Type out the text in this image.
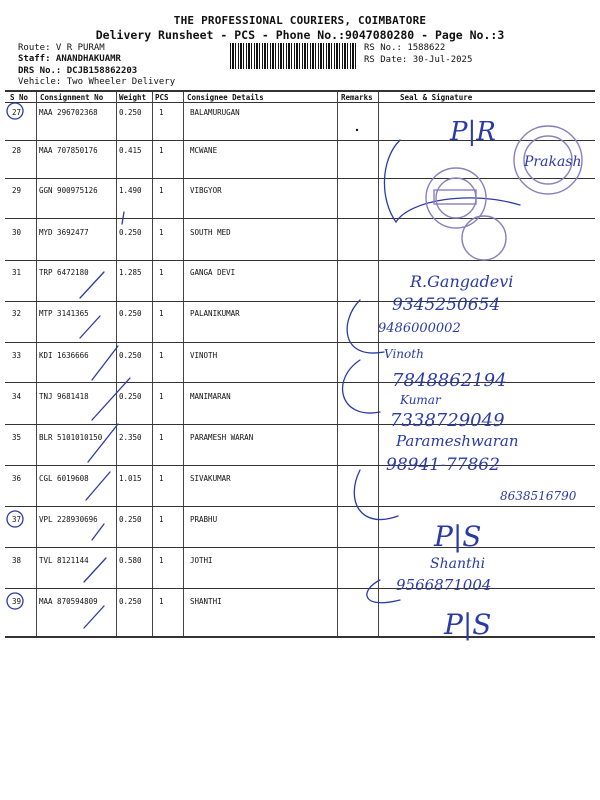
THE PROFESSIONAL COURIERS, COIMBATORE
Delivery Runsheet - PCS - Phone No.:9047080280 - Page No.:3
Route: V R PURAM
Staff: ANANDHAKUAMR
DRS No.: DCJB158862203
Vehicle: Two Wheeler Delivery
RS No.: 1588622
RS Date: 30-Jul-2025
S No Consignment No Weight PCS Consignee Details	Remarks	Seal & Signature
27 MAA 296702368	0.250 1	BALAMURUGAN
28 MAA 707850176	0.415 1	MCWANE
29 GGN 900975126	1.490 1	VIBGYOR
30 MYD 3692477	0.250 1	SOUTH MED
31 TRP 6472180	1.285 1	GANGA DEVI
32 MTP 3141365	0.250 1	PALANIKUMAR
33 KDI 1636666	0.250 1	VINOTH
34 TNJ 9681418	0.250 1	MANIMARAN
35 BLR 5101010150 2.350 1	PARAMESH WARAN
36 CGL 6019608	1.015 1	SIVAKUMAR
37 VPL 228930696	0.250 1	PRABHU
38 TVL 8121144	0.580 1	JOTHI
39 MAA 870594809	0.250 1	SHANTHI
P|R
Prakash
R.Gangadevi
9345250654
9486000002
Vinoth
7848862194
Kumar
7338729049
Parameshwaran
98941-77862
8638516790
P|S
Shanthi
9566871004
P|S
